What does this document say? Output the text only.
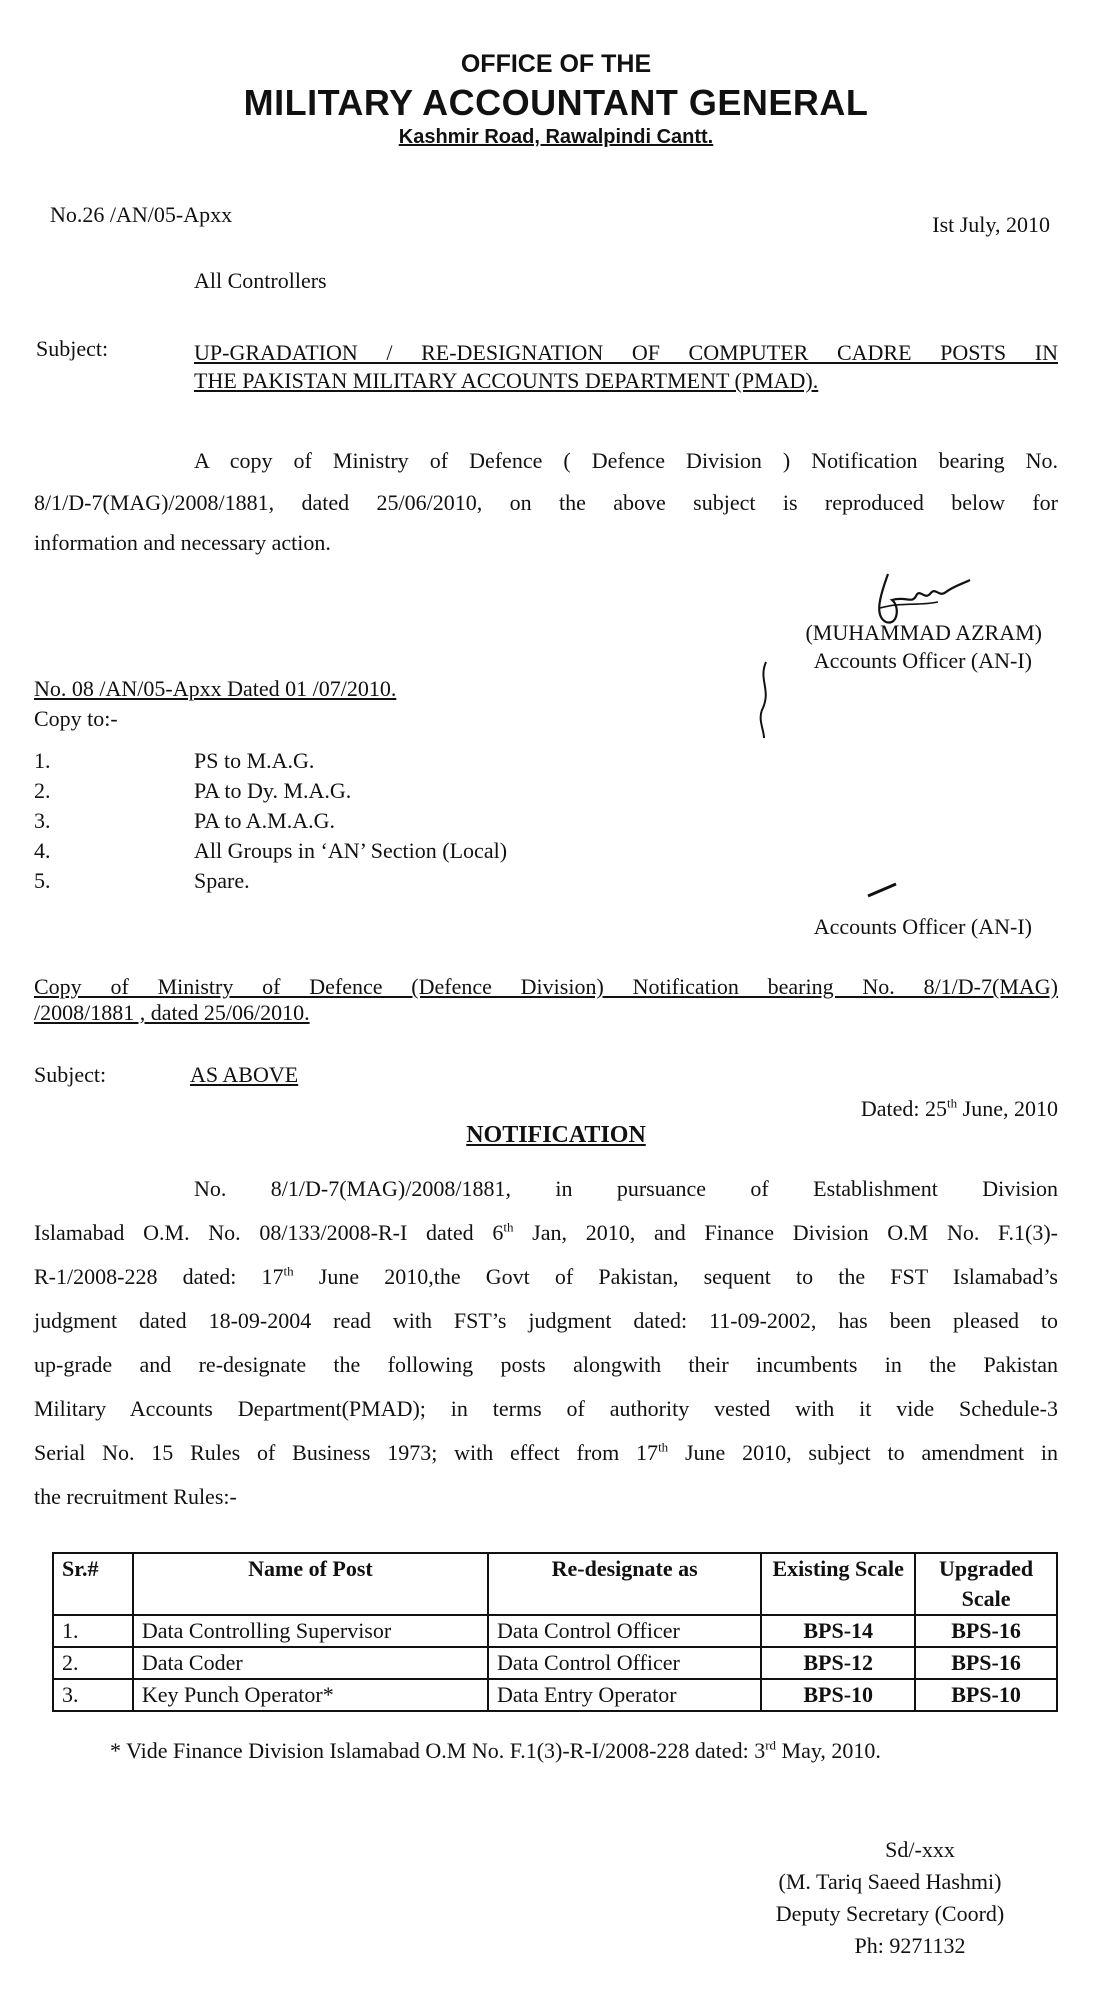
OFFICE OF THE
MILITARY ACCOUNTANT GENERAL
Kashmir Road, Rawalpindi Cantt.
No.26 /AN/05-Apxx	Ist July, 2010
All Controllers
Subject:	UP-GRADATION / RE-DESIGNATION OF COMPUTER CADRE POSTS IN
THE PAKISTAN MILITARY ACCOUNTS DEPARTMENT (PMAD).
A copy of Ministry of Defence ( Defence Division ) Notification bearing No.
8/1/D-7(MAG)/2008/1881, dated 25/06/2010, on the above subject is reproduced below for
information and necessary action.
(MUHAMMAD AZRAM)
Accounts Officer (AN-I)
No. 08 /AN/05-Apxx Dated 01 /07/2010.
Copy to:-
1.	PS to M.A.G.
2.	PA to Dy. M.A.G.
3.	PA to A.M.A.G.
4.	All Groups in ‘AN’ Section (Local)
5.	Spare.
Accounts Officer (AN-I)
Copy of Ministry of Defence (Defence Division) Notification bearing No. 8/1/D-7(MAG)
/2008/1881 , dated 25/06/2010.
Subject:	AS ABOVE
Dated: 25th June, 2010
NOTIFICATION
No. 8/1/D-7(MAG)/2008/1881, in pursuance of Establishment Division
Islamabad O.M. No. 08/133/2008-R-I dated 6th Jan, 2010, and Finance Division O.M No. F.1(3)-
R-1/2008-228 dated: 17th June 2010,the Govt of Pakistan, sequent to the FST Islamabad’s
judgment dated 18-09-2004 read with FST’s judgment dated: 11-09-2002, has been pleased to
up-grade and re-designate the following posts alongwith their incumbents in the Pakistan
Military Accounts Department(PMAD); in terms of authority vested with it vide Schedule-3
Serial No. 15 Rules of Business 1973; with effect from 17th June 2010, subject to amendment in
the recruitment Rules:-
Sr.#	Name of Post	Re-designate as	Existing Scale	Upgraded Scale
1.	Data Controlling Supervisor	Data Control Officer	BPS-14	BPS-16
2.	Data Coder	Data Control Officer	BPS-12	BPS-16
3.	Key Punch Operator*	Data Entry Operator	BPS-10	BPS-10
* Vide Finance Division Islamabad O.M No. F.1(3)-R-I/2008-228 dated: 3rd May, 2010.
Sd/-xxx
(M. Tariq Saeed Hashmi)
Deputy Secretary (Coord)
Ph: 9271132
